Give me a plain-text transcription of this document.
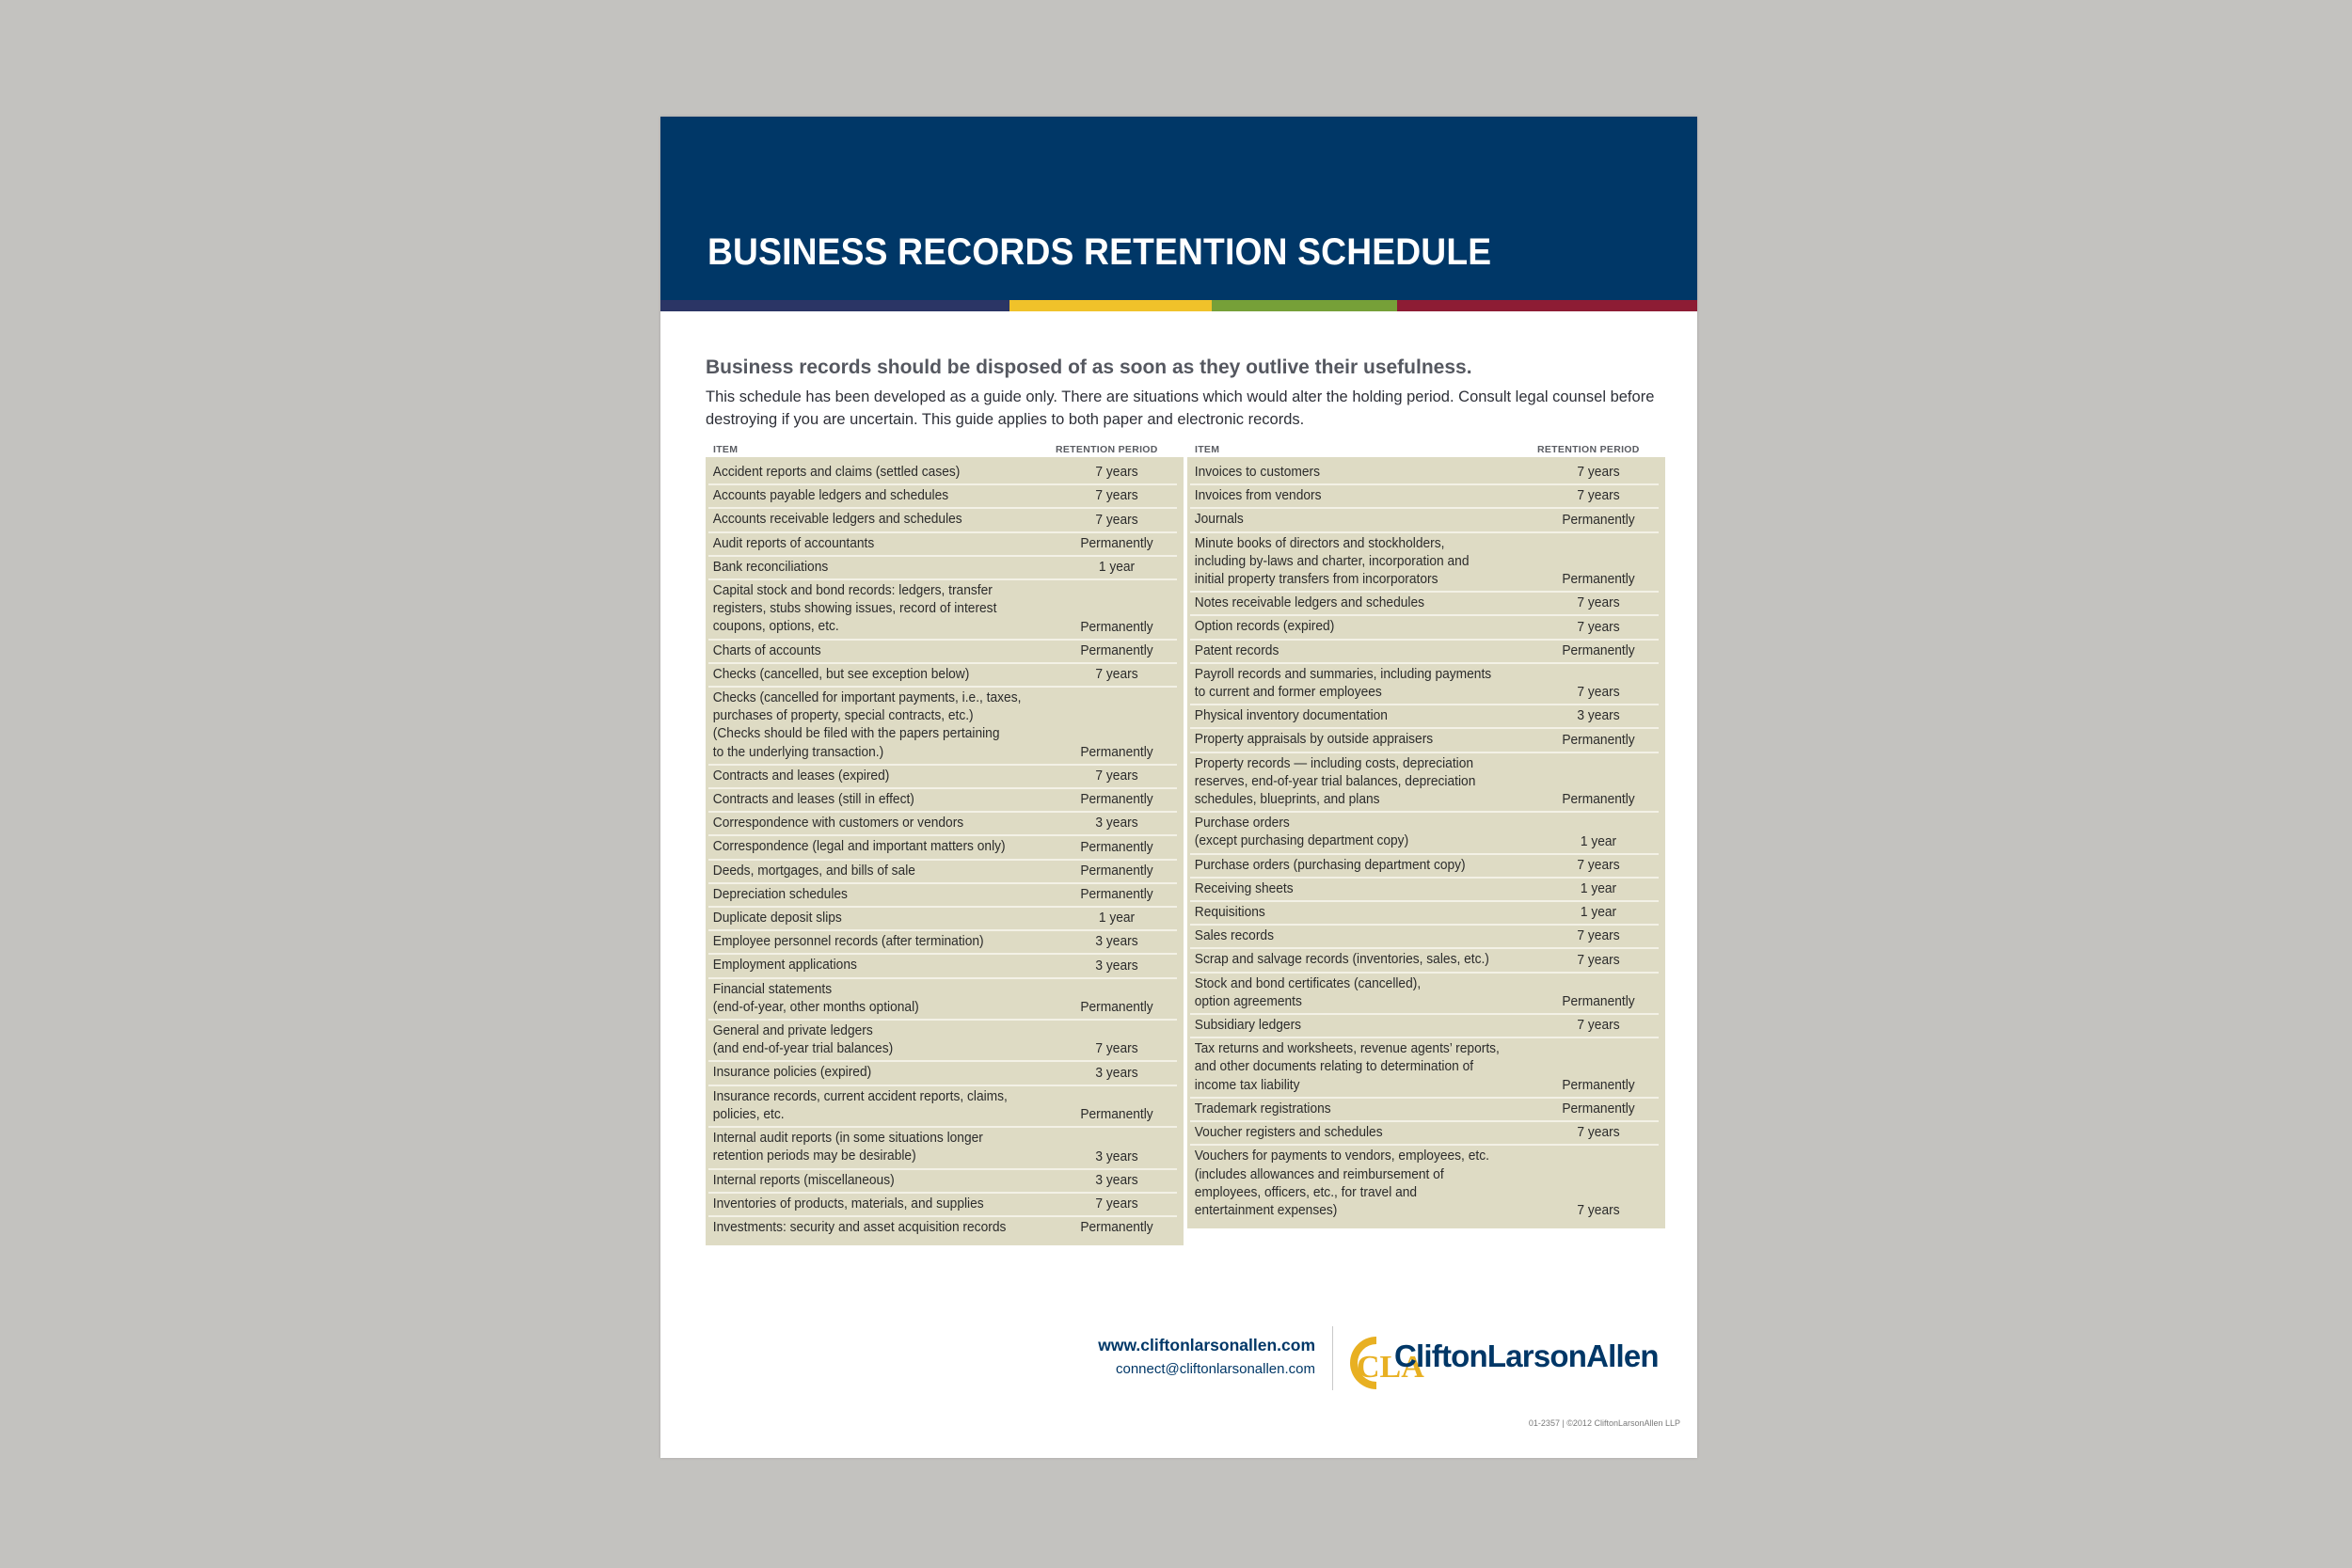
BUSINESS RECORDS RETENTION SCHEDULE
Business records should be disposed of as soon as they outlive their usefulness.
This schedule has been developed as a guide only. There are situations which would alter the holding period. Consult legal counsel before destroying if you are uncertain. This guide applies to both paper and electronic records.
ITEM	RETENTION PERIOD
Accident reports and claims (settled cases)	7 years
Accounts payable ledgers and schedules	7 years
Accounts receivable ledgers and schedules	7 years
Audit reports of accountants	Permanently
Bank reconciliations	1 year
Capital stock and bond records: ledgers, transfer
registers, stubs showing issues, record of interest
coupons, options, etc.	Permanently
Charts of accounts	Permanently
Checks (cancelled, but see exception below)	7 years
Checks (cancelled for important payments, i.e., taxes,
purchases of property, special contracts, etc.)
(Checks should be filed with the papers pertaining
to the underlying transaction.)	Permanently
Contracts and leases (expired)	7 years
Contracts and leases (still in effect)	Permanently
Correspondence with customers or vendors	3 years
Correspondence (legal and important matters only)	Permanently
Deeds, mortgages, and bills of sale	Permanently
Depreciation schedules	Permanently
Duplicate deposit slips	1 year
Employee personnel records (after termination)	3 years
Employment applications	3 years
Financial statements
(end-of-year, other months optional)	Permanently
General and private ledgers
(and end-of-year trial balances)	7 years
Insurance policies (expired)	3 years
Insurance records, current accident reports, claims,
policies, etc.	Permanently
Internal audit reports (in some situations longer
retention periods may be desirable)	3 years
Internal reports (miscellaneous)	3 years
Inventories of products, materials, and supplies	7 years
Investments: security and asset acquisition records	Permanently
ITEM	RETENTION PERIOD
Invoices to customers	7 years
Invoices from vendors	7 years
Journals	Permanently
Minute books of directors and stockholders,
including by-laws and charter, incorporation and
initial property transfers from incorporators	Permanently
Notes receivable ledgers and schedules	7 years
Option records (expired)	7 years
Patent records	Permanently
Payroll records and summaries, including payments
to current and former employees	7 years
Physical inventory documentation	3 years
Property appraisals by outside appraisers	Permanently
Property records — including costs, depreciation
reserves, end-of-year trial balances, depreciation
schedules, blueprints, and plans	Permanently
Purchase orders
(except purchasing department copy)	1 year
Purchase orders (purchasing department copy)	7 years
Receiving sheets	1 year
Requisitions	1 year
Sales records	7 years
Scrap and salvage records (inventories, sales, etc.)	7 years
Stock and bond certificates (cancelled),
option agreements	Permanently
Subsidiary ledgers	7 years
Tax returns and worksheets, revenue agents’ reports,
and other documents relating to determination of
income tax liability	Permanently
Trademark registrations	Permanently
Voucher registers and schedules	7 years
Vouchers for payments to vendors, employees, etc.
(includes allowances and reimbursement of
employees, officers, etc., for travel and
entertainment expenses)	7 years
www.cliftonlarsonallen.com
connect@cliftonlarsonallen.com CLA
CliftonLarsonAllen
01-2357 | ©2012 CliftonLarsonAllen LLP
